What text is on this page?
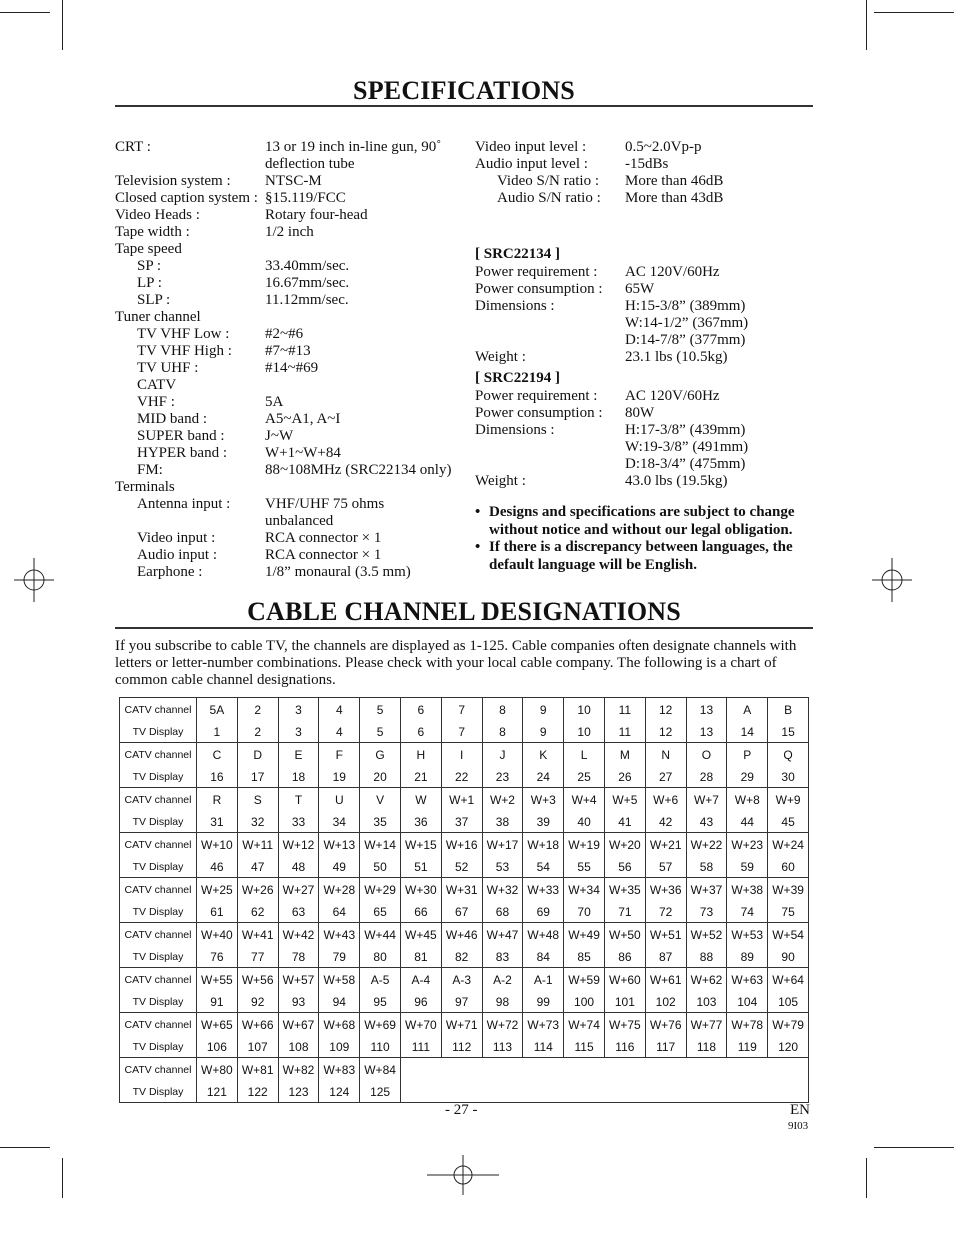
SPECIFICATIONS
CRT :	13 or 19 inch in-line gun, 90˚
deflection tube
Television system :	NTSC-M
Closed caption system : §15.119/FCC
Video Heads :	Rotary four-head
Tape width :	1/2 inch
Tape speed
SP :	33.40mm/sec.
LP :	16.67mm/sec.
SLP :	11.12mm/sec.
Tuner channel
TV VHF Low :	#2~#6
TV VHF High :	#7~#13
TV UHF :	#14~#69
CATV
VHF :	5A
MID band :	A5~A1, A~I
SUPER band :	J~W
HYPER band :	W+1~W+84
FM:	88~108MHz (SRC22134 only)
Terminals
Antenna input :	VHF/UHF 75 ohms
unbalanced
Video input :	RCA connector × 1
Audio input :	RCA connector × 1
Earphone :	1/8” monaural (3.5 mm)
Video input level :	0.5~2.0Vp-p
Audio input level :	-15dBs
Video S/N ratio :	More than 46dB
Audio S/N ratio :	More than 43dB
[ SRC22134 ]
Power requirement :	AC 120V/60Hz
Power consumption :	65W
Dimensions :	H:15-3/8” (389mm)
W:14-1/2” (367mm)
D:14-7/8” (377mm)
Weight :	23.1 lbs (10.5kg)
[ SRC22194 ]
Power requirement :	AC 120V/60Hz
Power consumption :	80W
Dimensions :	H:17-3/8” (439mm)
W:19-3/8” (491mm)
D:18-3/4” (475mm)
Weight :	43.0 lbs (19.5kg)
• Designs and specifications are subject to change without notice and without our legal obligation.
• If there is a discrepancy between languages, the default language will be English.
CABLE CHANNEL DESIGNATIONS
If you subscribe to cable TV, the channels are displayed as 1-125. Cable companies often designate channels with letters or letter-number combinations. Please check with your local cable company. The following is a chart of common cable channel designations.
CATV channel	5A	2	3	4	5	6	7	8	9	10	11	12	13	A	B
TV Display	1	2	3	4	5	6	7	8	9	10	11	12	13	14	15
CATV channel	C	D	E	F	G	H	I	J	K	L	M	N	O	P	Q
TV Display	16	17	18	19	20	21	22	23	24	25	26	27	28	29	30
CATV channel	R	S	T	U	V	W	W+1	W+2	W+3	W+4	W+5	W+6	W+7	W+8	W+9
TV Display	31	32	33	34	35	36	37	38	39	40	41	42	43	44	45
CATV channel	W+10	W+11	W+12	W+13	W+14	W+15	W+16	W+17	W+18	W+19	W+20	W+21	W+22	W+23	W+24
TV Display	46	47	48	49	50	51	52	53	54	55	56	57	58	59	60
CATV channel	W+25	W+26	W+27	W+28	W+29	W+30	W+31	W+32	W+33	W+34	W+35	W+36	W+37	W+38	W+39
TV Display	61	62	63	64	65	66	67	68	69	70	71	72	73	74	75
CATV channel	W+40	W+41	W+42	W+43	W+44	W+45	W+46	W+47	W+48	W+49	W+50	W+51	W+52	W+53	W+54
TV Display	76	77	78	79	80	81	82	83	84	85	86	87	88	89	90
CATV channel	W+55	W+56	W+57	W+58	A-5	A-4	A-3	A-2	A-1	W+59	W+60	W+61	W+62	W+63	W+64
TV Display	91	92	93	94	95	96	97	98	99	100	101	102	103	104	105
CATV channel	W+65	W+66	W+67	W+68	W+69	W+70	W+71	W+72	W+73	W+74	W+75	W+76	W+77	W+78	W+79
TV Display	106	107	108	109	110	111	112	113	114	115	116	117	118	119	120
CATV channel	W+80	W+81	W+82	W+83	W+84										
TV Display	121	122	123	124	125										
- 27 -	EN
9I03
